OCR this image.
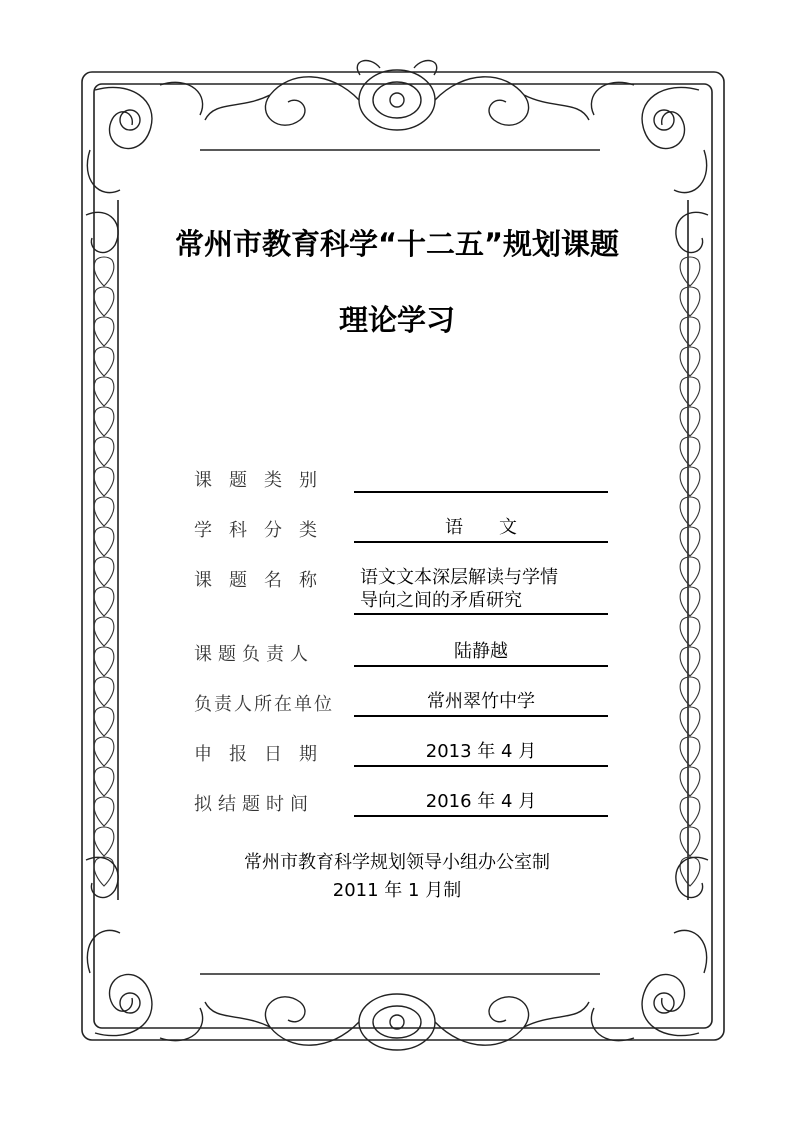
常州市教育科学“十二五”规划课题
理论学习
课题类别
学科分类	语　　文
课题名称 语文文本深层解读与学情
导向之间的矛盾研究
课题负责人	陆静越
负责人所在单位	常州翠竹中学
申报日期	2013 年 4 月
拟结题时间	2016 年 4 月
常州市教育科学规划领导小组办公室制
2011 年 1 月制
